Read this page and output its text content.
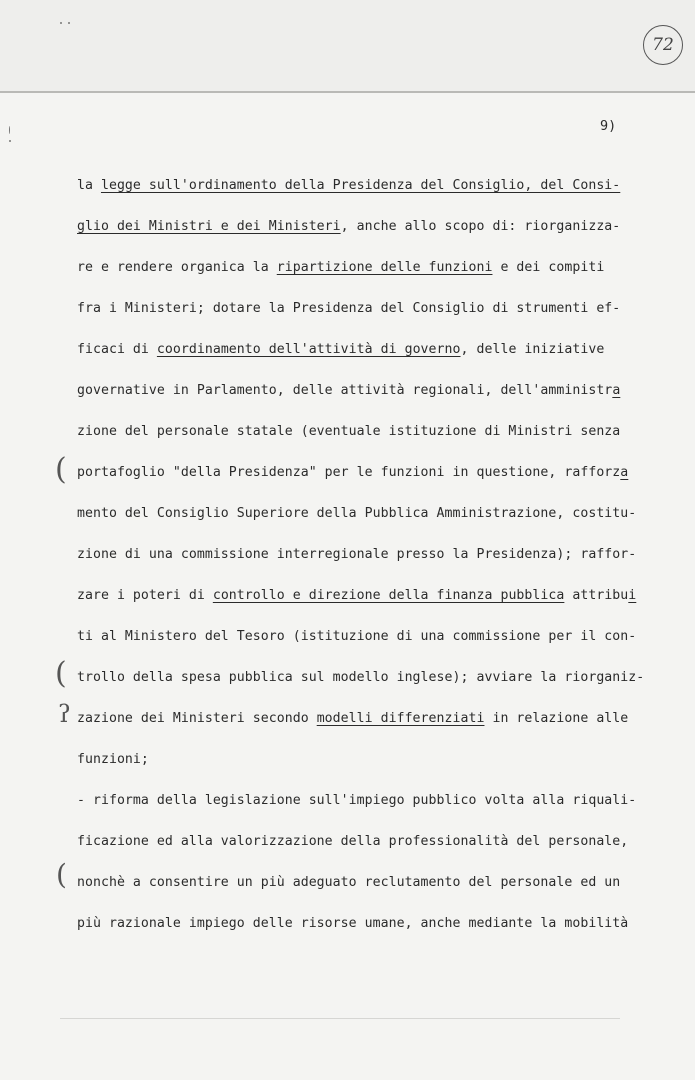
72
9)
(
(
ʔ
(
la legge sull'ordinamento della Presidenza del Consiglio, del Consi-
glio dei Ministri e dei Ministeri, anche allo scopo di: riorganizza-
re e rendere organica la ripartizione delle funzioni e dei compiti
fra i Ministeri; dotare la Presidenza del Consiglio di strumenti ef-
ficaci di coordinamento dell'attività di governo, delle iniziative
governative in Parlamento, delle attività regionali, dell'amministra
zione del personale statale (eventuale istituzione di Ministri senza
portafoglio "della Presidenza" per le funzioni in questione, rafforza
mento del Consiglio Superiore della Pubblica Amministrazione, costitu-
zione di una commissione interregionale presso la Presidenza); raffor-
zare i poteri di controllo e direzione della finanza pubblica attribui
ti al Ministero del Tesoro (istituzione di una commissione per il con-
trollo della spesa pubblica sul modello inglese); avviare la riorganiz-
zazione dei Ministeri secondo modelli differenziati in relazione alle
funzioni;
- riforma della legislazione sull'impiego pubblico volta alla riquali-
ficazione ed alla valorizzazione della professionalità del personale,
nonchè a consentire un più adeguato reclutamento del personale ed un
più razionale impiego delle risorse umane, anche mediante la mobilità
